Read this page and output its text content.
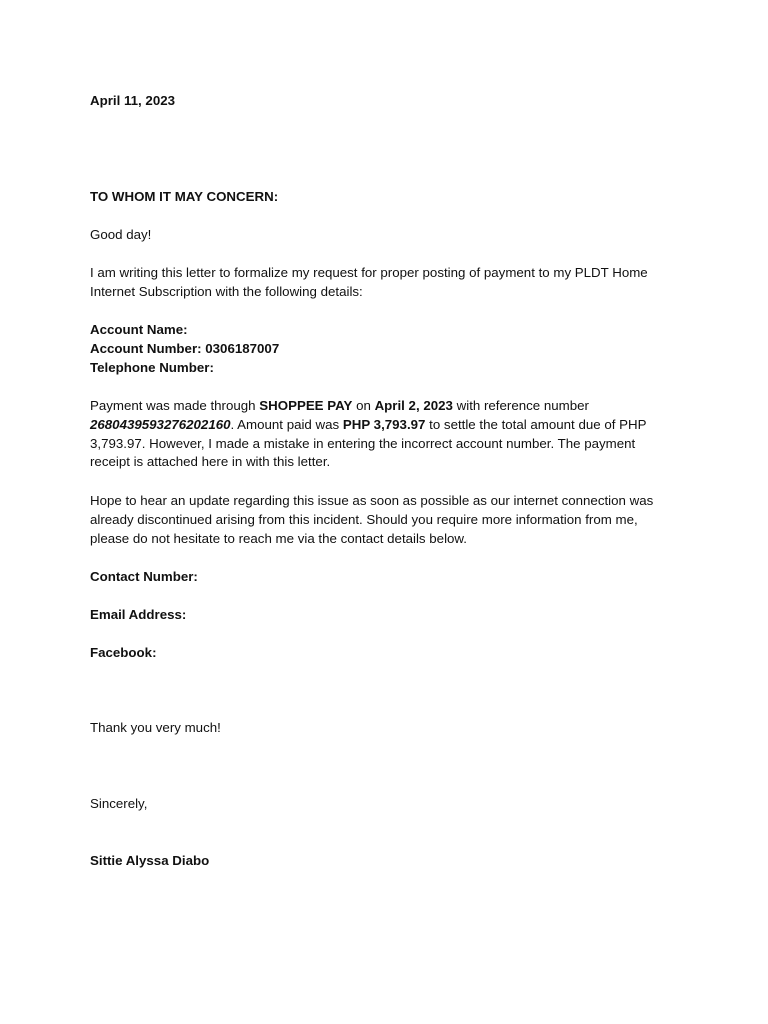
April 11, 2023
TO WHOM IT MAY CONCERN:
Good day!
I am writing this letter to formalize my request for proper posting of payment to my PLDT Home
Internet Subscription with the following details:
Account Name:
Account Number: 0306187007
Telephone Number:
Payment was made through SHOPPEE PAY on April 2, 2023 with reference number
2680439593276202160. Amount paid was PHP 3,793.97 to settle the total amount due of PHP
3,793.97. However, I made a mistake in entering the incorrect account number. The payment
receipt is attached here in with this letter.
Hope to hear an update regarding this issue as soon as possible as our internet connection was
already discontinued arising from this incident. Should you require more information from me,
please do not hesitate to reach me via the contact details below.
Contact Number:
Email Address:
Facebook:
Thank you very much!
Sincerely,
Sittie Alyssa Diabo
